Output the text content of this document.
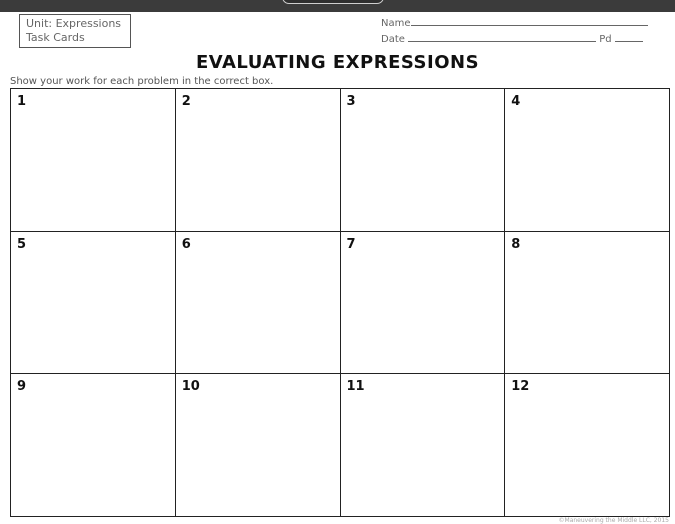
Unit: Expressions
Task Cards
Name
Date	Pd
EVALUATING EXPRESSIONS
Show your work for each problem in the correct box.
1	2	3	4
5	6	7	8
9	10	11	12
©Maneuvering the Middle LLC, 2015
